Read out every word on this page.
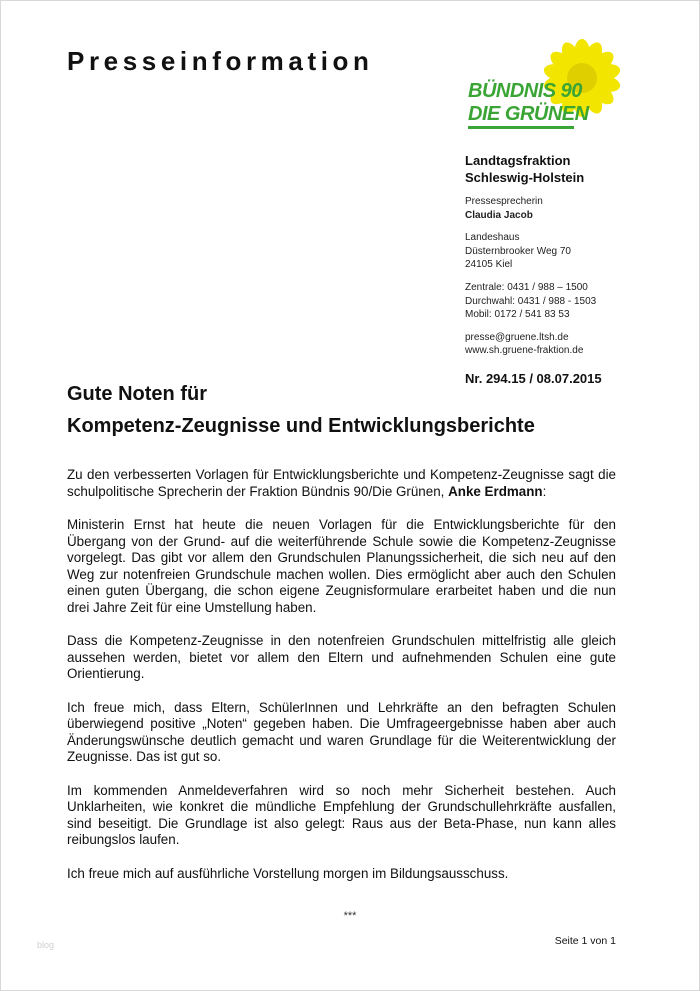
Presseinformation
BÜNDNIS 90
DIE GRÜNEN
Landtagsfraktion
Schleswig-Holstein
Pressesprecherin
Claudia Jacob
Landeshaus
Düsternbrooker Weg 70
24105 Kiel
Zentrale: 0431 / 988 – 1500
Durchwahl: 0431 / 988 - 1503
Mobil: 0172 / 541 83 53
presse@gruene.ltsh.de
www.sh.gruene-fraktion.de
Nr. 294.15 / 08.07.2015
Gute Noten für
Kompetenz-Zeugnisse und Entwicklungsberichte

Zu den verbesserten Vorlagen für Entwicklungsberichte und Kompetenz-Zeugnisse sagt die schulpolitische Sprecherin der Fraktion Bündnis 90/Die Grünen, Anke Erdmann:

Ministerin Ernst hat heute die neuen Vorlagen für die Entwicklungsberichte für den Übergang von der Grund- auf die weiterführende Schule sowie die Kompetenz-Zeugnisse vorgelegt. Das gibt vor allem den Grundschulen Planungssicherheit, die sich neu auf den Weg zur notenfreien Grundschule machen wollen. Dies ermöglicht aber auch den Schulen einen guten Übergang, die schon eigene Zeugnisformulare erarbeitet haben und die nun drei Jahre Zeit für eine Umstellung haben.

Dass die Kompetenz-Zeugnisse in den notenfreien Grundschulen mittelfristig alle gleich aussehen werden, bietet vor allem den Eltern und aufnehmenden Schulen eine gute Orientierung.

Ich freue mich, dass Eltern, SchülerInnen und Lehrkräfte an den befragten Schulen überwiegend positive „Noten“ gegeben haben. Die Umfrageergebnisse haben aber auch Änderungswünsche deutlich gemacht und waren Grundlage für die Weiterentwicklung der Zeugnisse. Das ist gut so.

Im kommenden Anmeldeverfahren wird so noch mehr Sicherheit bestehen. Auch Unklarheiten, wie konkret die mündliche Empfehlung der Grundschullehrkräfte ausfallen, sind beseitigt. Die Grundlage ist also gelegt: Raus aus der Beta-Phase, nun kann alles reibungslos laufen.

Ich freue mich auf ausführliche Vorstellung morgen im Bildungsausschuss.

***
blog	Seite 1 von 1
